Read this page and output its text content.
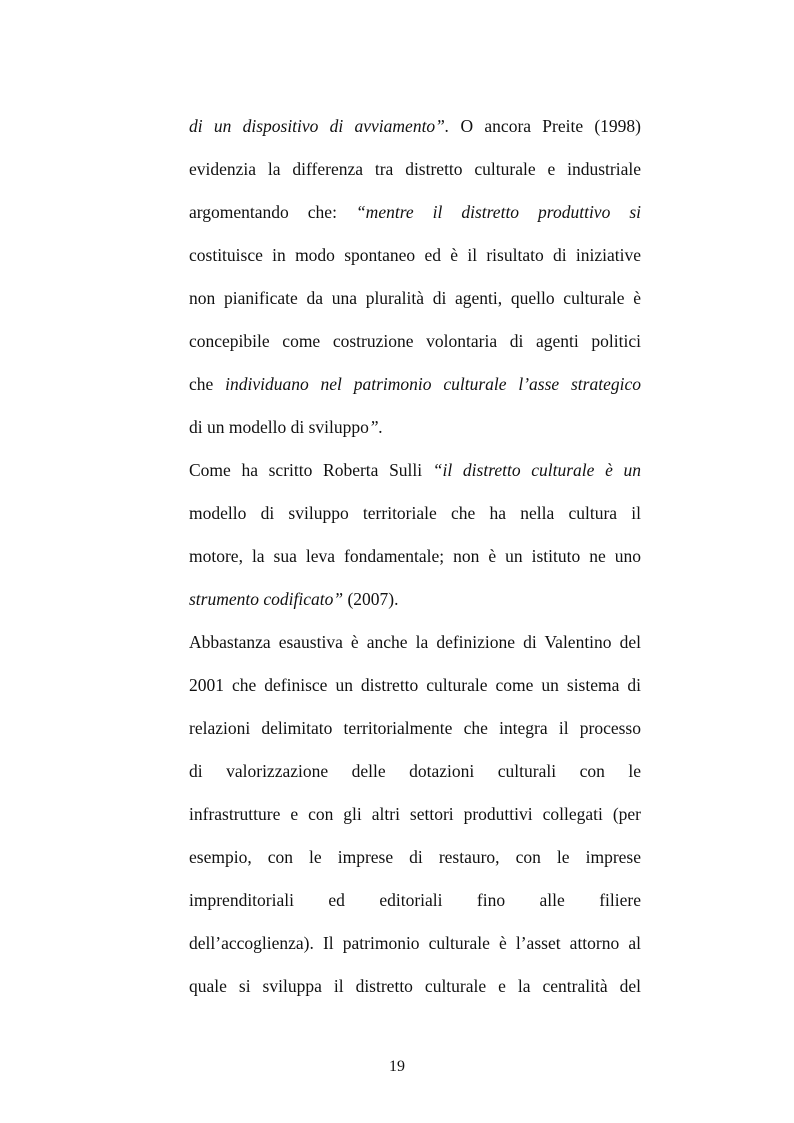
di un dispositivo di avviamento”. O ancora Preite (1998)
evidenzia la differenza tra distretto culturale e industriale
argomentando che: “mentre il distretto produttivo si
costituisce in modo spontaneo ed è il risultato di iniziative
non pianificate da una pluralità di agenti, quello culturale è
concepibile come costruzione volontaria di agenti politici
che individuano nel patrimonio culturale l’asse strategico
di un modello di sviluppo”.
Come ha scritto Roberta Sulli “il distretto culturale è un
modello di sviluppo territoriale che ha nella cultura il
motore, la sua leva fondamentale; non è un istituto ne uno
strumento codificato” (2007).
Abbastanza esaustiva è anche la definizione di Valentino del
2001 che definisce un distretto culturale come un sistema di
relazioni delimitato territorialmente che integra il processo
di valorizzazione delle dotazioni culturali con le
infrastrutture e con gli altri settori produttivi collegati (per
esempio, con le imprese di restauro, con le imprese
imprenditoriali ed editoriali fino alle filiere
dell’accoglienza). Il patrimonio culturale è l’asset attorno al
quale si sviluppa il distretto culturale e la centralità del
19
